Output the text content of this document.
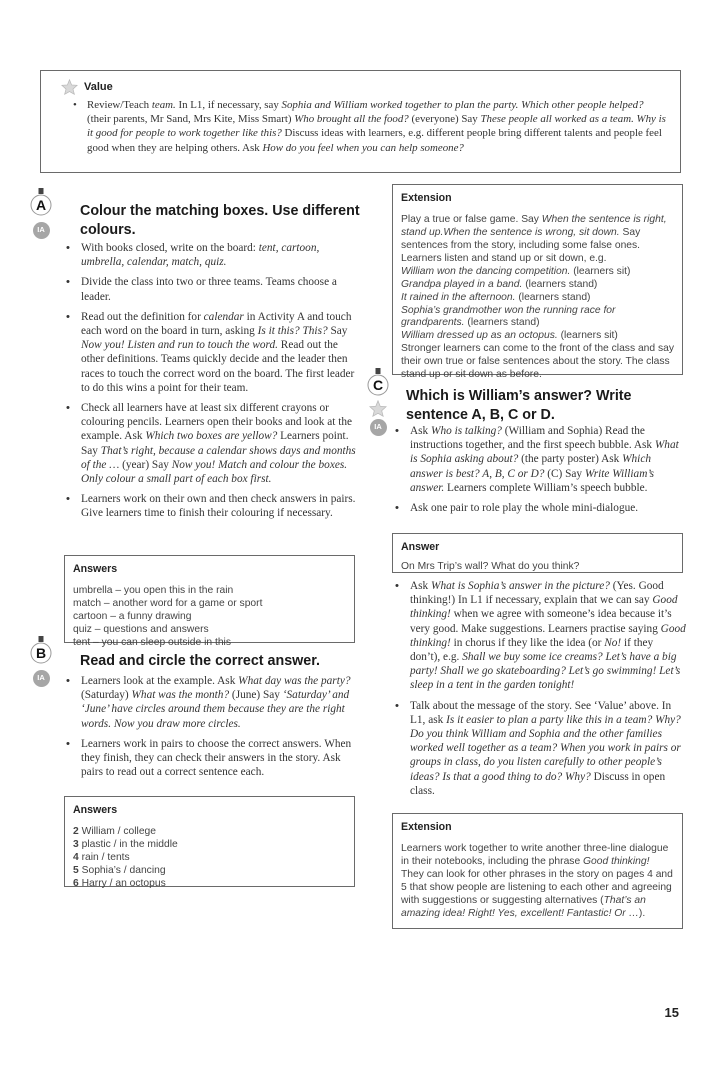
Value
• Review/Teach team. In L1, if necessary, say Sophia and William worked together to plan the party. Which other people helped? (their parents, Mr Sand, Mrs Kite, Miss Smart) Who brought all the food? (everyone) Say These people all worked as a team. Why is it good for people to work together like this? Discuss ideas with learners, e.g. different people bring different talents and people feel good when they are helping others. Ask How do you feel when you can help someone?
A
IA
Colour the matching boxes. Use different
colours.
• With books closed, write on the board: tent, cartoon, umbrella, calendar, match, quiz.
• Divide the class into two or three teams. Teams choose a leader.
• Read out the definition for calendar in Activity A and touch each word on the board in turn, asking Is it this? This? Say Now you! Listen and run to touch the word. Read out the other definitions. Teams quickly decide and the leader then races to touch the correct word on the board. The first leader to do this wins a point for their team.
• Check all learners have at least six different crayons or colouring pencils. Learners open their books and look at the example. Ask Which two boxes are yellow? Learners point. Say That’s right, because a calendar shows days and months of the … (year) Say Now you! Match and colour the boxes. Only colour a small part of each box first.
• Learners work on their own and then check answers in pairs. Give learners time to finish their colouring if necessary.
Answers
umbrella – you open this in the rain
match – another word for a game or sport
cartoon – a funny drawing
quiz – questions and answers
tent – you can sleep outside in this
B
IA
Read and circle the correct answer.
• Learners look at the example. Ask What day was the party? (Saturday) What was the month? (June) Say ‘Saturday’ and ‘June’ have circles around them because they are the right words. Now you draw more circles.
• Learners work in pairs to choose the correct answers. When they finish, they can check their answers in the story. Ask pairs to read out a correct sentence each.
Answers
2 William / college
3 plastic / in the middle
4 rain / tents
5 Sophia’s / dancing
6 Harry / an octopus
Extension
Play a true or false game. Say When the sentence is right, stand up.When the sentence is wrong, sit down. Say sentences from the story, including some false ones. Learners listen and stand up or sit down, e.g.
William won the dancing competition. (learners sit)
Grandpa played in a band. (learners stand)
It rained in the afternoon. (learners stand)
Sophia’s grandmother won the running race for grandparents. (learners stand)
William dressed up as an octopus. (learners sit)
Stronger learners can come to the front of the class and say their own true or false sentences about the story. The class stand up or sit down as before.
C
IA
Which is William’s answer? Write
sentence A, B, C or D.
• Ask Who is talking? (William and Sophia) Read the instructions together, and the first speech bubble. Ask What is Sophia asking about? (the party poster) Ask Which answer is best? A, B, C or D? (C) Say Write William’s answer. Learners complete William’s speech bubble.
• Ask one pair to role play the whole mini-dialogue.
Answer
On Mrs Trip’s wall? What do you think?
• Ask What is Sophia’s answer in the picture? (Yes. Good thinking!) In L1 if necessary, explain that we can say Good thinking! when we agree with someone’s idea because it’s very good. Make suggestions. Learners practise saying Good thinking! in chorus if they like the idea (or No! if they don’t), e.g. Shall we buy some ice creams? Let’s have a big party! Shall we go skateboarding? Let’s go swimming! Let’s sleep in a tent in the garden tonight!
• Talk about the message of the story. See ‘Value’ above. In L1, ask Is it easier to plan a party like this in a team? Why? Do you think William and Sophia and the other families worked well together as a team? When you work in pairs or groups in class, do you listen carefully to other people’s ideas? Is that a good thing to do? Why? Discuss in open class.
Extension
Learners work together to write another three-line dialogue in their notebooks, including the phrase Good thinking! They can look for other phrases in the story on pages 4 and 5 that show people are listening to each other and agreeing with suggestions or suggesting alternatives (That’s an amazing idea! Right! Yes, excellent! Fantastic! Or …).
15
